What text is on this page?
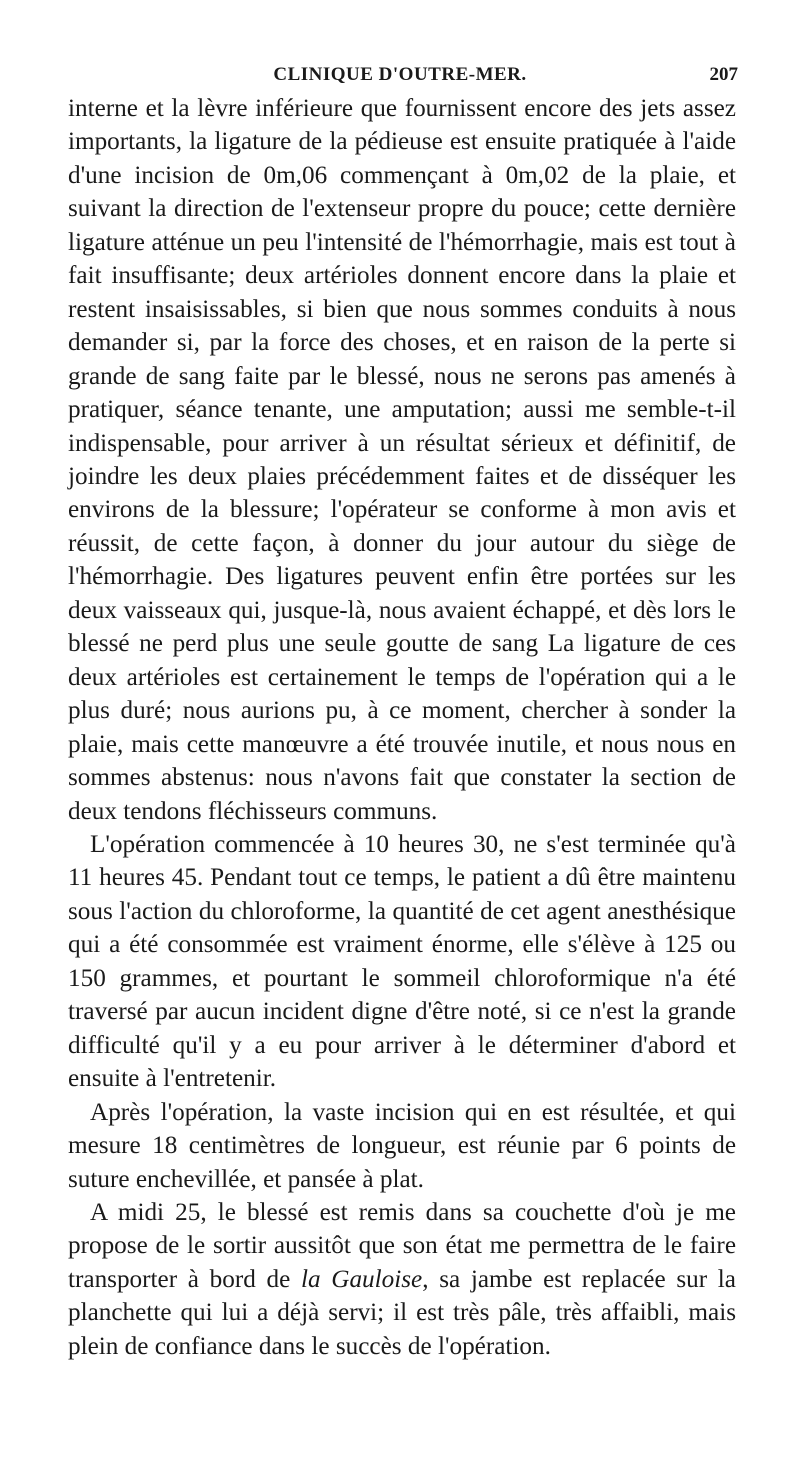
CLINIQUE D'OUTRE-MER.	207

interne et la lèvre inférieure que fournissent encore des jets assez importants, la ligature de la pédieuse est ensuite pratiquée à l'aide d'une incision de 0m,06 commençant à 0m,02 de la plaie, et suivant la direction de l'extenseur propre du pouce; cette dernière ligature atténue un peu l'intensité de l'hémorrhagie, mais est tout à fait insuffisante; deux artérioles donnent encore dans la plaie et restent insaisissables, si bien que nous sommes conduits à nous demander si, par la force des choses, et en raison de la perte si grande de sang faite par le blessé, nous ne serons pas amenés à pratiquer, séance tenante, une amputation; aussi me semble-t-il indispensable, pour arriver à un résultat sérieux et définitif, de joindre les deux plaies précédemment faites et de disséquer les environs de la blessure; l'opérateur se conforme à mon avis et réussit, de cette façon, à donner du jour autour du siège de l'hémorrhagie. Des ligatures peuvent enfin être portées sur les deux vaisseaux qui, jusque-là, nous avaient échappé, et dès lors le blessé ne perd plus une seule goutte de sang La ligature de ces deux artérioles est certainement le temps de l'opération qui a le plus duré; nous aurions pu, à ce moment, chercher à sonder la plaie, mais cette manœuvre a été trouvée inutile, et nous nous en sommes abstenus: nous n'avons fait que constater la section de deux tendons fléchisseurs communs.

L'opération commencée à 10 heures 30, ne s'est terminée qu'à 11 heures 45. Pendant tout ce temps, le patient a dû être maintenu sous l'action du chloroforme, la quantité de cet agent anesthésique qui a été consommée est vraiment énorme, elle s'élève à 125 ou 150 grammes, et pourtant le sommeil chloroformique n'a été traversé par aucun incident digne d'être noté, si ce n'est la grande difficulté qu'il y a eu pour arriver à le déterminer d'abord et ensuite à l'entretenir.

Après l'opération, la vaste incision qui en est résultée, et qui mesure 18 centimètres de longueur, est réunie par 6 points de suture enchevillée, et pansée à plat.

A midi 25, le blessé est remis dans sa couchette d'où je me propose de le sortir aussitôt que son état me permettra de le faire transporter à bord de la Gauloise, sa jambe est replacée sur la planchette qui lui a déjà servi; il est très pâle, très affaibli, mais plein de confiance dans le succès de l'opération.
